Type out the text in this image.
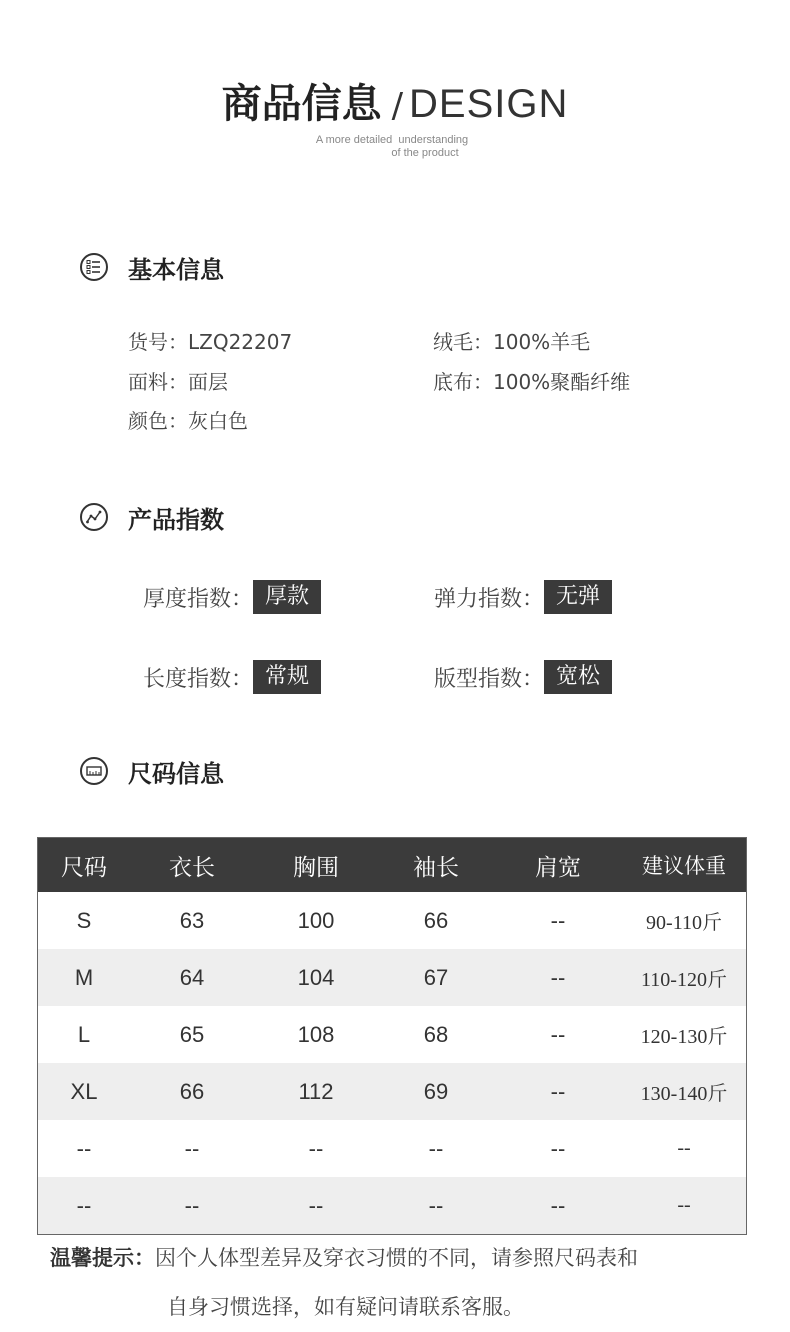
商品信息 / DESIGN
A more detailed  understanding
of the product
基本信息
货号：LZQ22207	绒毛：100%羊毛
面料：面层	底布：100%聚酯纤维
颜色：灰白色
产品指数
厚度指数： 厚款	弹力指数： 无弹
长度指数： 常规	版型指数： 宽松
尺码信息
尺码	衣长	胸围	袖长	肩宽	建议体重
S	63	100	66	--	90-110斤
M	64	104	67	--	110-120斤
L	65	108	68	--	120-130斤
XL	66	112	69	--	130-140斤
--	--	--	--	--	--
--	--	--	--	--	--
温馨提示：因个人体型差异及穿衣习惯的不同，请参照尺码表和
自身习惯选择，如有疑问请联系客服。
